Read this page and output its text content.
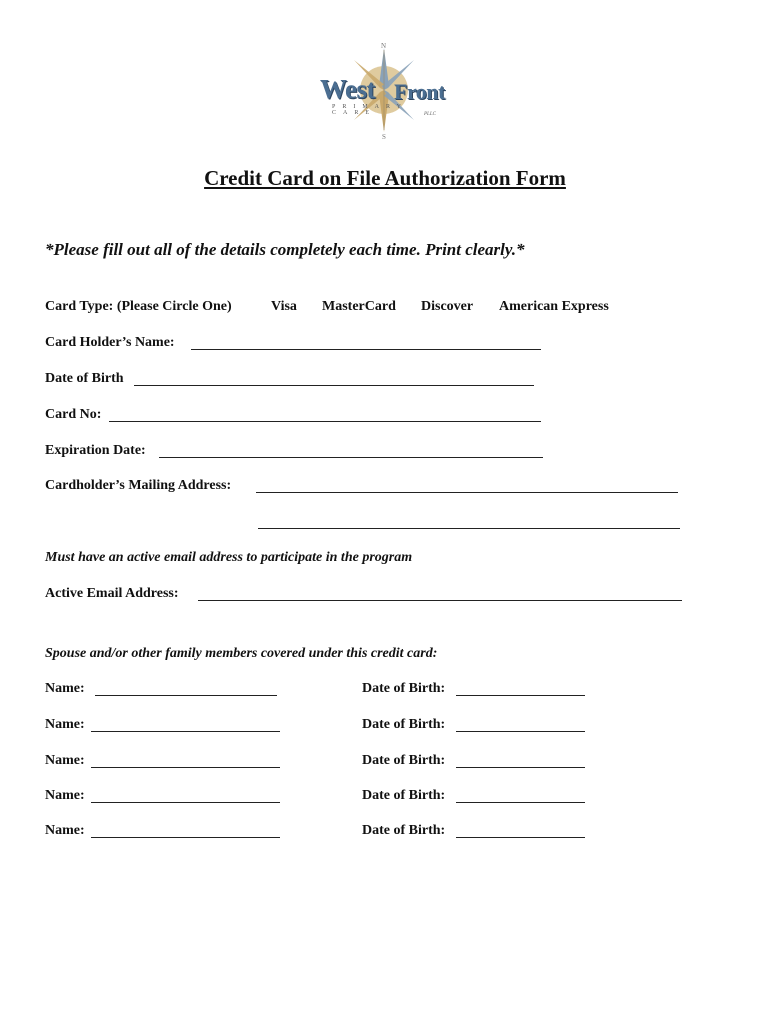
N
West Front
PRIMARY CARE	PLLC
S
Credit Card on File Authorization Form
*Please fill out all of the details completely each time. Print clearly.*
Card Type: (Please Circle One)	Visa MasterCard Discover American Express
Card Holder’s Name:
Date of Birth
Card No:
Expiration Date:
Cardholder’s Mailing Address:
Must have an active email address to participate in the program
Active Email Address:
Spouse and/or other family members covered under this credit card:
Name:	Date of Birth:
Name:	Date of Birth:
Name:	Date of Birth:
Name:	Date of Birth:
Name:	Date of Birth:
